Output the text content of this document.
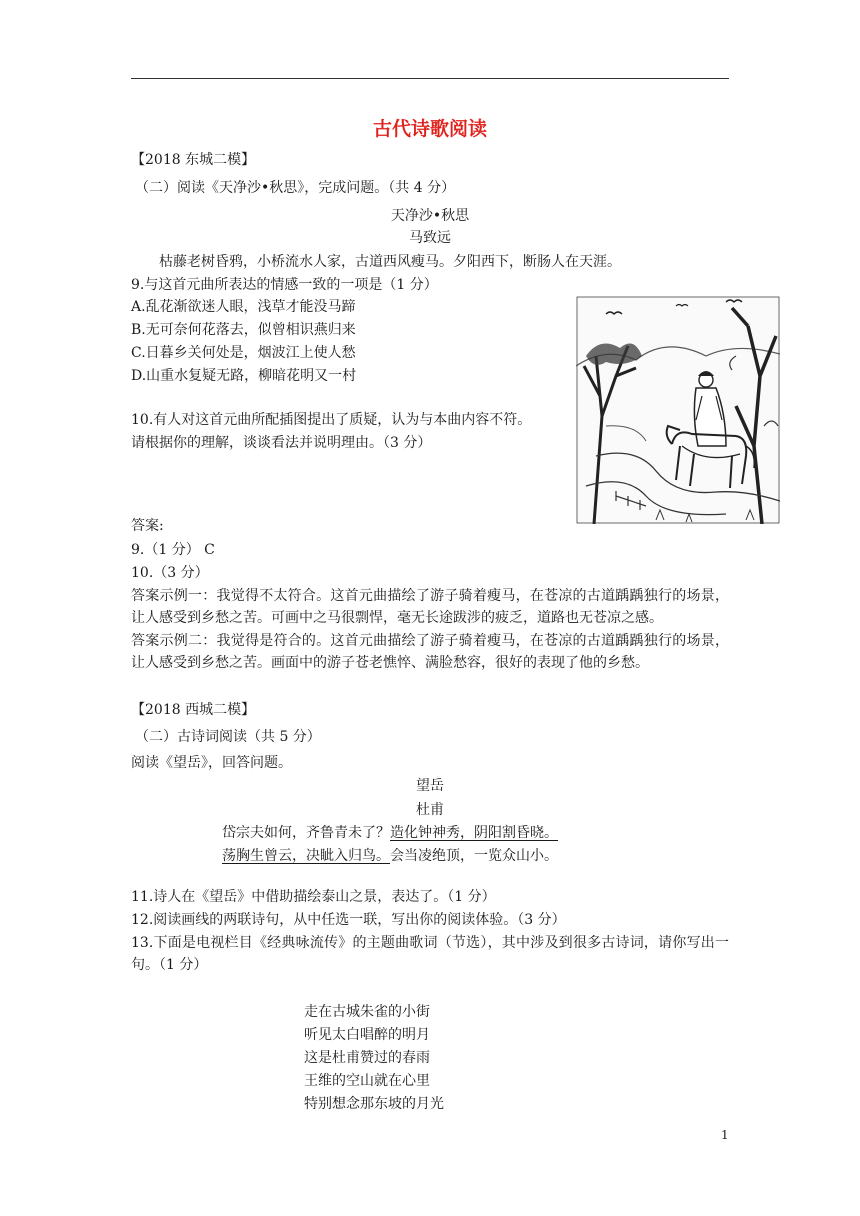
古代诗歌阅读
【2018 东城二模】
（二）阅读《天净沙•秋思》，完成问题。（共 4 分）
天净沙•秋思
马致远
枯藤老树昏鸦，小桥流水人家，古道西风瘦马。夕阳西下，断肠人在天涯。
9.与这首元曲所表达的情感一致的一项是（1 分）
A.乱花渐欲迷人眼，浅草才能没马蹄
B.无可奈何花落去，似曾相识燕归来
C.日暮乡关何处是，烟波江上使人愁
D.山重水复疑无路，柳暗花明又一村
10.有人对这首元曲所配插图提出了质疑，认为与本曲内容不符。
请根据你的理解，谈谈看法并说明理由。（3 分）
答案:
9.（1 分） C
10.（3 分）
答案示例一：我觉得不太符合。这首元曲描绘了游子骑着瘦马，在苍凉的古道踽踽独行的场景，让人感受到乡愁之苦。可画中之马很剽悍，毫无长途跋涉的疲乏，道路也无苍凉之感。
答案示例二：我觉得是符合的。这首元曲描绘了游子骑着瘦马，在苍凉的古道踽踽独行的场景，让人感受到乡愁之苦。画面中的游子苍老憔悴、满脸愁容，很好的表现了他的乡愁。
【2018 西城二模】
（二）古诗词阅读（共 5 分）
阅读《望岳》，回答问题。
望岳
杜甫
岱宗夫如何，齐鲁青未了？造化钟神秀，阴阳割昏晓。
荡胸生曾云，决眦入归鸟。会当凌绝顶，一览众山小。
11.诗人在《望岳》中借助描绘泰山之景，表达了。（1 分）
12.阅读画线的两联诗句，从中任选一联，写出你的阅读体验。（3 分）
13.下面是电视栏目《经典咏流传》的主题曲歌词（节选），其中涉及到很多古诗词，请你写出一句。（1 分）
走在古城朱雀的小街
听见太白唱醉的明月
这是杜甫赞过的春雨
王维的空山就在心里
特别想念那东坡的月光
1
